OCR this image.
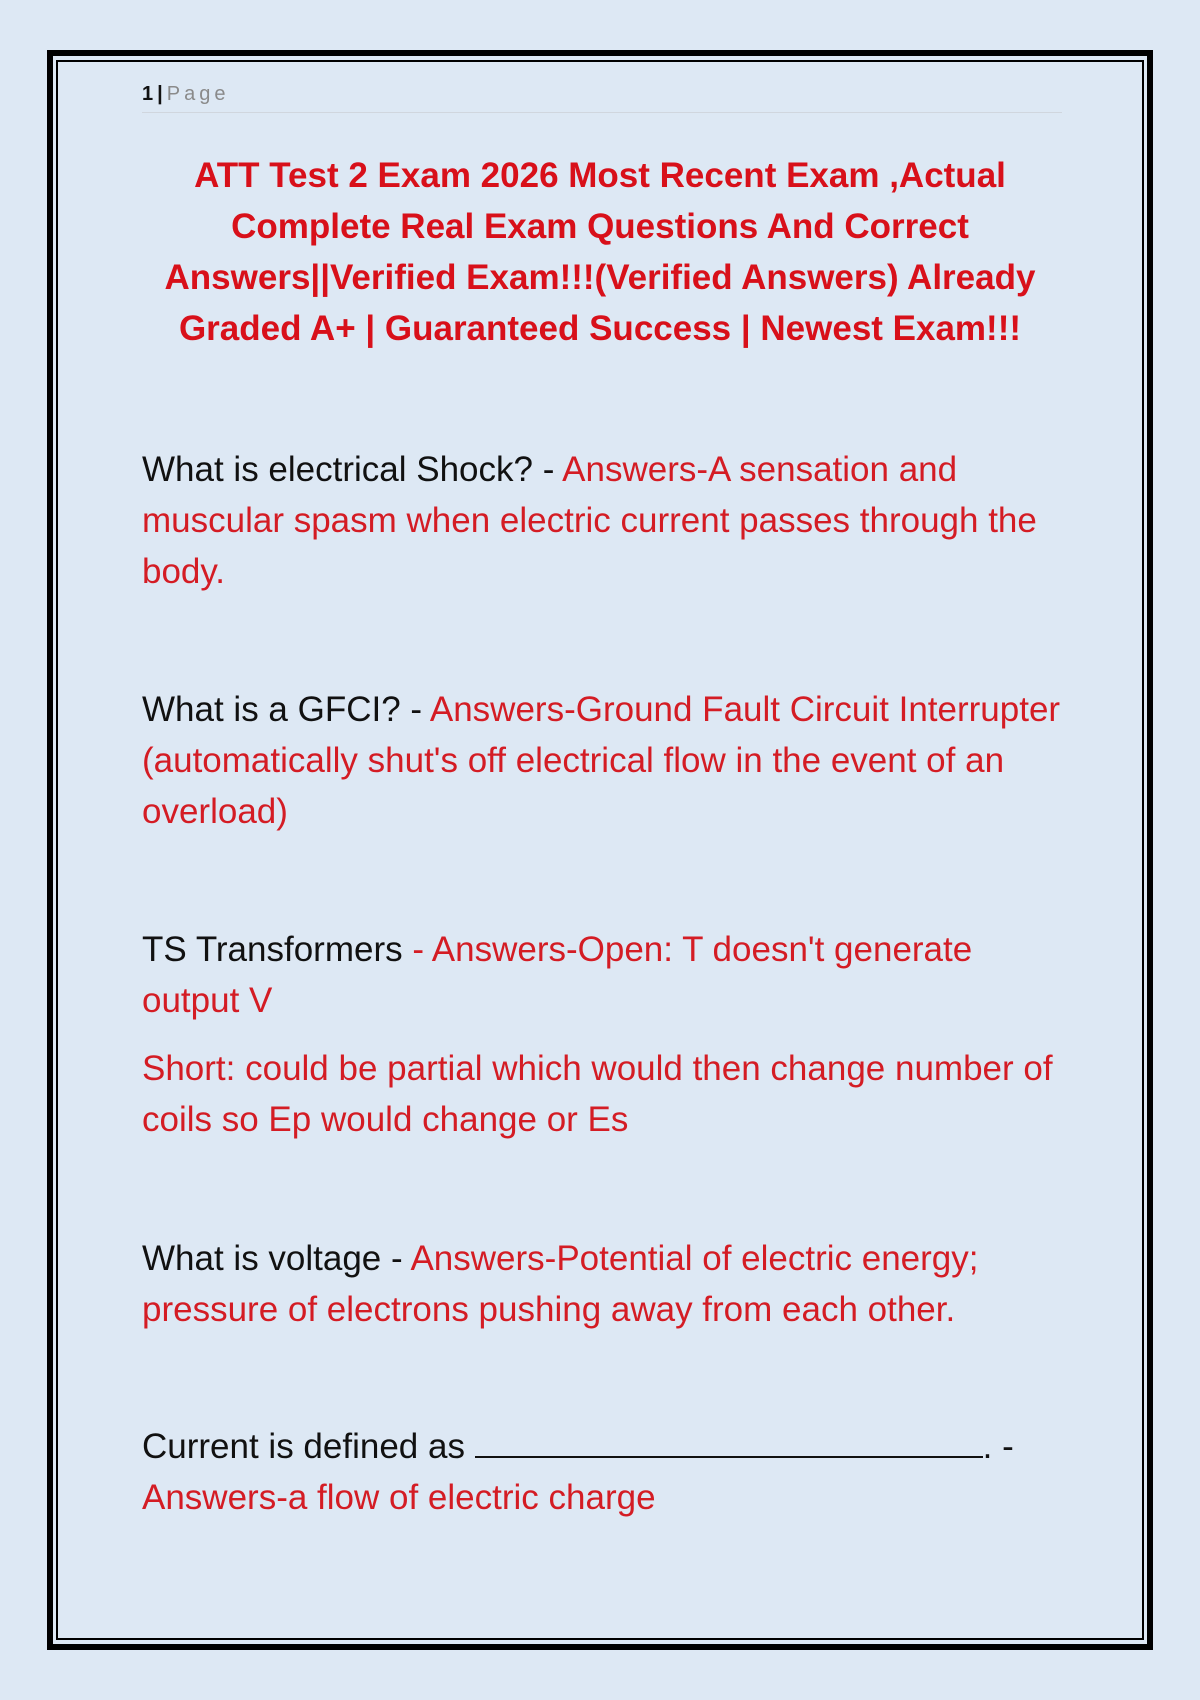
1 | Page
ATT Test 2 Exam 2026 Most Recent Exam ,Actual Complete Real Exam Questions And Correct Answers||Verified Exam!!!(Verified Answers) Already Graded A+ | Guaranteed Success | Newest Exam!!!
What is electrical Shock? - Answers-A sensation and muscular spasm when electric current passes through the body.
What is a GFCI? - Answers-Ground Fault Circuit Interrupter (automatically shut's off electrical flow in the event of an overload)
TS Transformers - Answers-Open: T doesn't generate output V
Short: could be partial which would then change number of coils so Ep would change or Es
What is voltage - Answers-Potential of electric energy; pressure of electrons pushing away from each other.
Current is defined as	. - Answers-a flow of electric charge
